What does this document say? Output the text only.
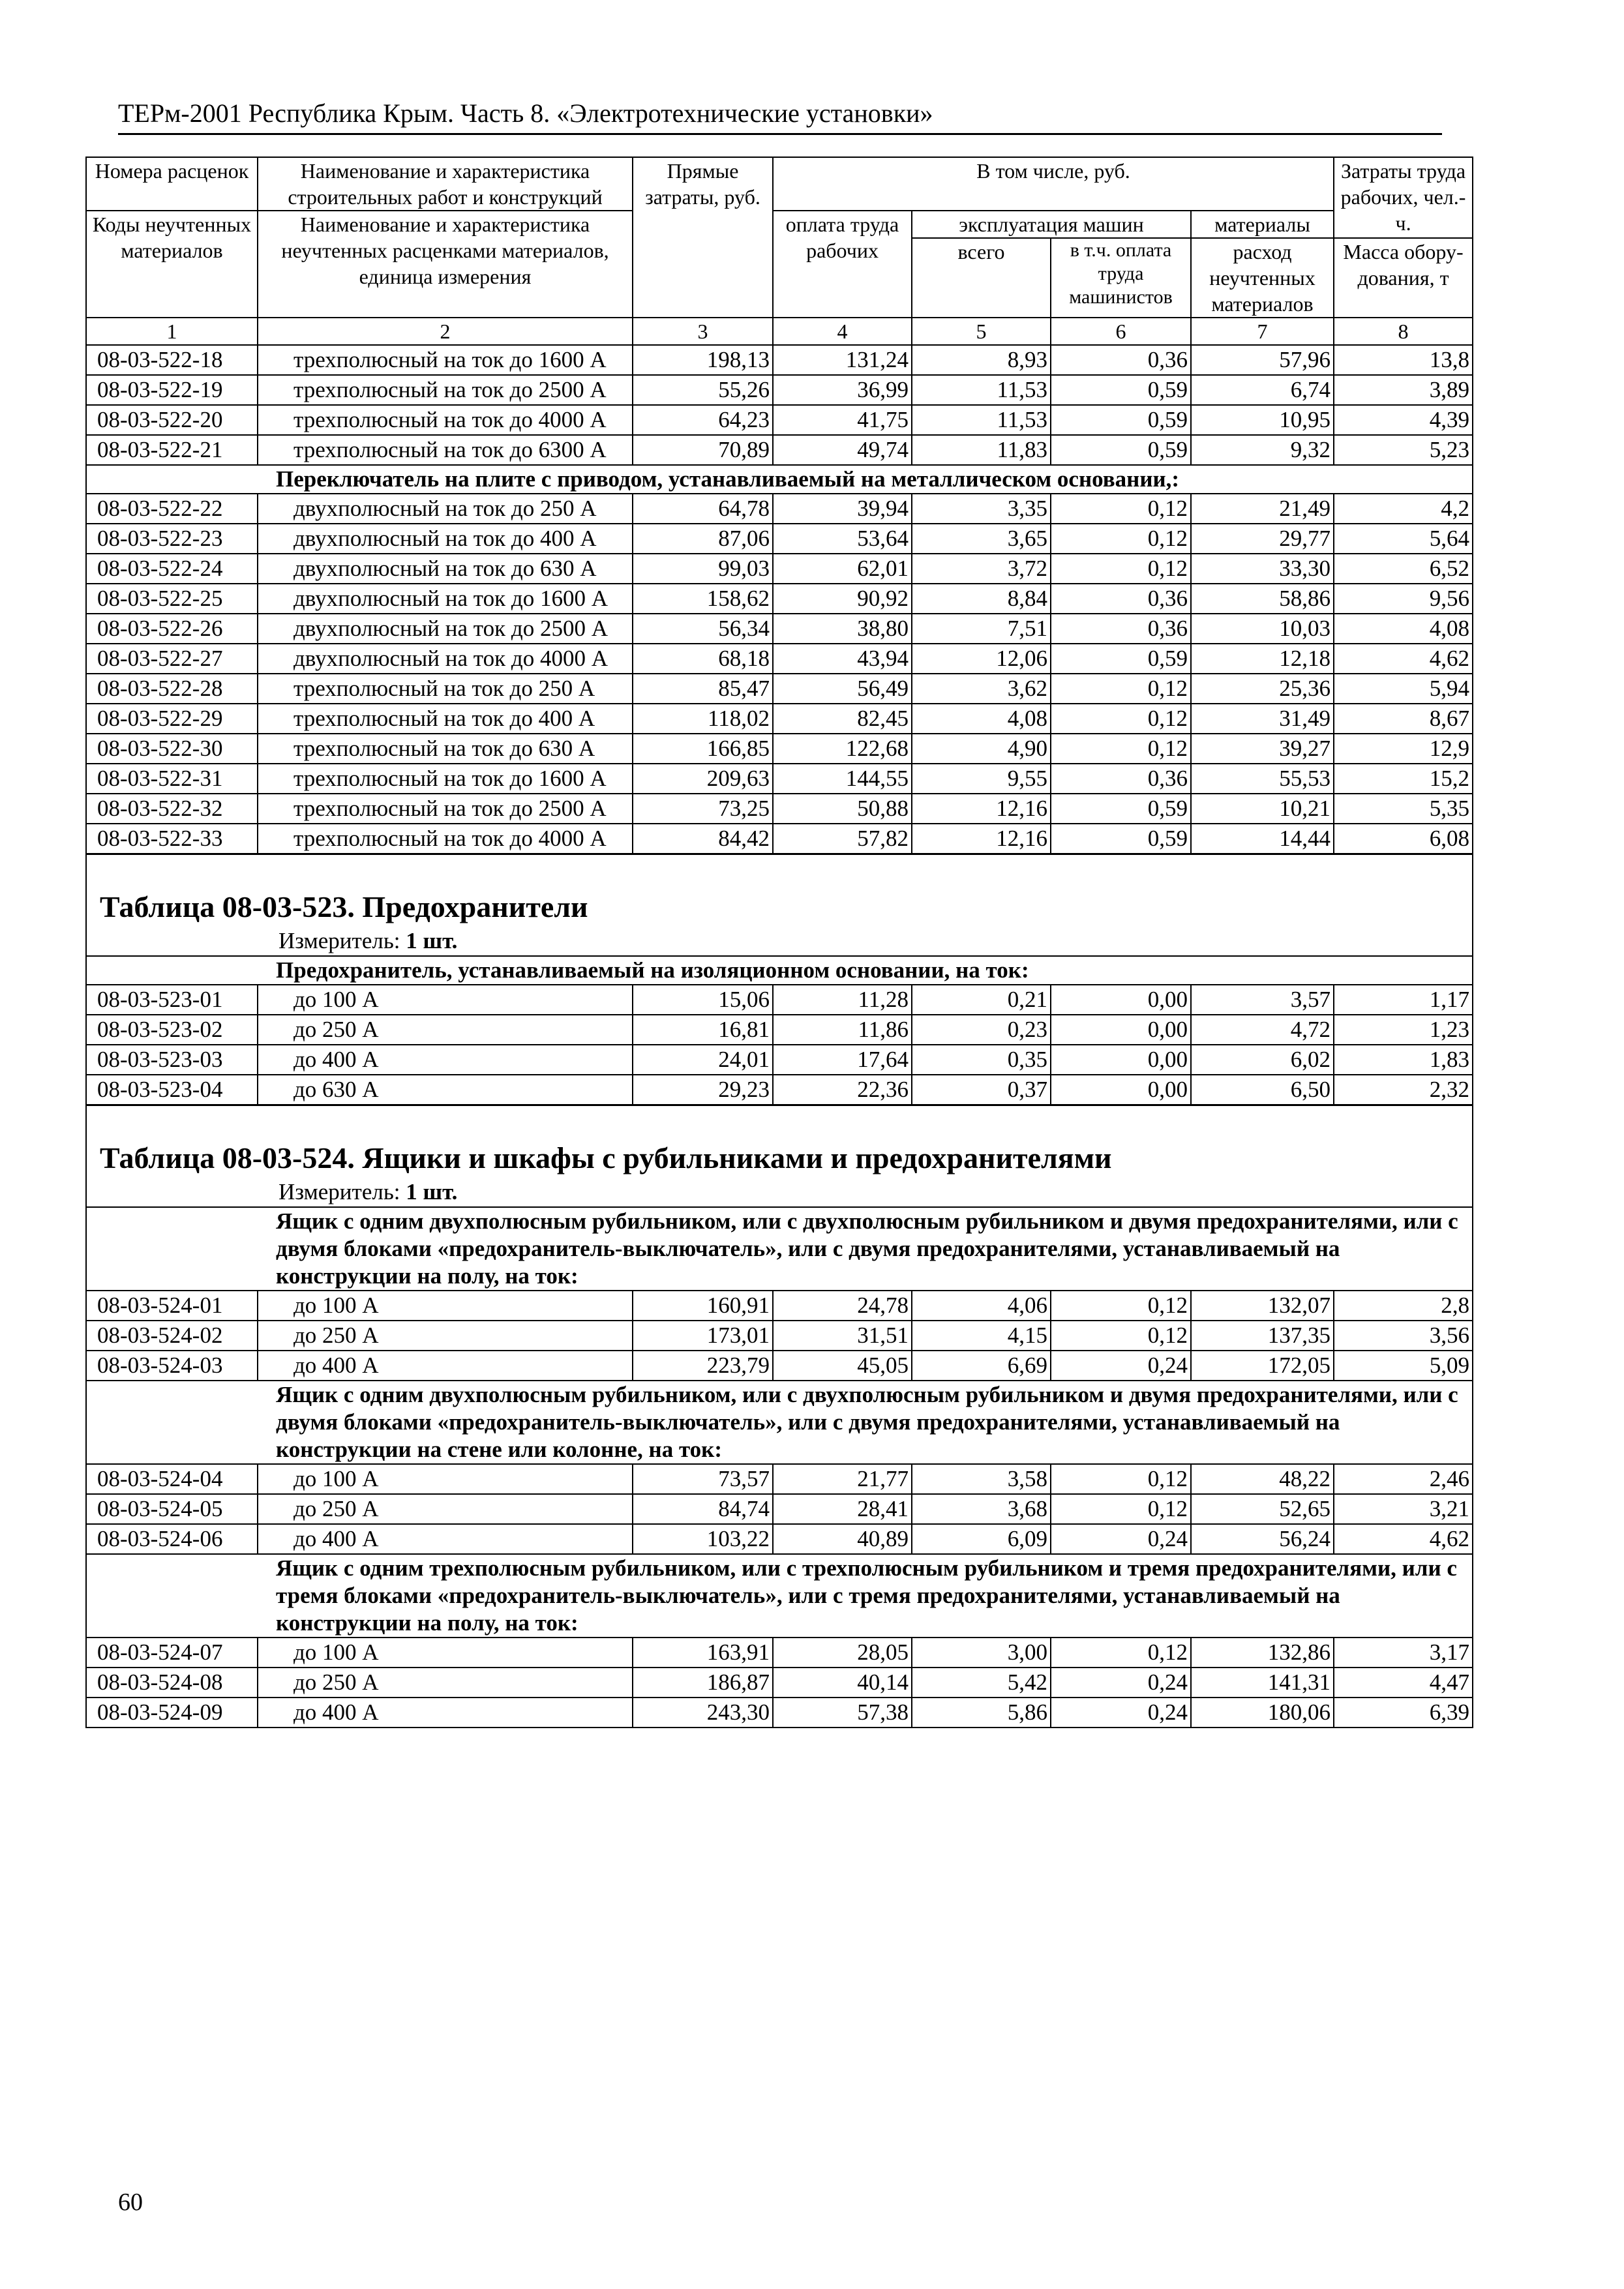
ТЕРм-2001 Республика Крым. Часть 8. «Электротехнические установки»
Номера расценок	Наименование и характеристика строительных работ и конструкций	Прямые затраты, руб.	В том числе, руб.				Затраты труда рабочих, чел.-ч.
Коды неучтенных материалов	Наименование и характеристика неучтенных расценками материалов, единица измерения		оплата труда рабочих	эксплуатация машин		материалы	
				всего	в т.ч. оплата труда машинистов	расход неучтенных материалов	Масса обору-дования, т
1	2	3	4	5	6	7	8
08-03-522-18	трехполюсный на ток до 1600 А	198,13	131,24	8,93	0,36	57,96	13,8
08-03-522-19	трехполюсный на ток до 2500 А	55,26	36,99	11,53	0,59	6,74	3,89
08-03-522-20	трехполюсный на ток до 4000 А	64,23	41,75	11,53	0,59	10,95	4,39
08-03-522-21	трехполюсный на ток до 6300 А	70,89	49,74	11,83	0,59	9,32	5,23
Переключатель на плите с приводом, устанавливаемый на металлическом основании,:							
08-03-522-22	двухполюсный на ток до 250 А	64,78	39,94	3,35	0,12	21,49	4,2
08-03-522-23	двухполюсный на ток до 400 А	87,06	53,64	3,65	0,12	29,77	5,64
08-03-522-24	двухполюсный на ток до 630 А	99,03	62,01	3,72	0,12	33,30	6,52
08-03-522-25	двухполюсный на ток до 1600 А	158,62	90,92	8,84	0,36	58,86	9,56
08-03-522-26	двухполюсный на ток до 2500 А	56,34	38,80	7,51	0,36	10,03	4,08
08-03-522-27	двухполюсный на ток до 4000 А	68,18	43,94	12,06	0,59	12,18	4,62
08-03-522-28	трехполюсный на ток до 250 А	85,47	56,49	3,62	0,12	25,36	5,94
08-03-522-29	трехполюсный на ток до 400 А	118,02	82,45	4,08	0,12	31,49	8,67
08-03-522-30	трехполюсный на ток до 630 А	166,85	122,68	4,90	0,12	39,27	12,9
08-03-522-31	трехполюсный на ток до 1600 А	209,63	144,55	9,55	0,36	55,53	15,2
08-03-522-32	трехполюсный на ток до 2500 А	73,25	50,88	12,16	0,59	10,21	5,35
08-03-522-33	трехполюсный на ток до 4000 А	84,42	57,82	12,16	0,59	14,44	6,08
Таблица 08-03-523. Предохранители							

Измеритель: 1 шт.							

Предохранитель, устанавливаемый на изоляционном основании, на ток:							
08-03-523-01	до 100 А	15,06	11,28	0,21	0,00	3,57	1,17
08-03-523-02	до 250 А	16,81	11,86	0,23	0,00	4,72	1,23
08-03-523-03	до 400 А	24,01	17,64	0,35	0,00	6,02	1,83
08-03-523-04	до 630 А	29,23	22,36	0,37	0,00	6,50	2,32
Таблица 08-03-524. Ящики и шкафы с рубильниками и предохранителями							

Измеритель: 1 шт.							

Ящик с одним двухполюсным рубильником, или с двухполюсным рубильником и двумя предохранителями, или с двумя блоками «предохранитель-выключатель», или с двумя предохранителями, устанавливаемый на конструкции на полу, на ток:							
08-03-524-01	до 100 А	160,91	24,78	4,06	0,12	132,07	2,8
08-03-524-02	до 250 А	173,01	31,51	4,15	0,12	137,35	3,56
08-03-524-03	до 400 А	223,79	45,05	6,69	0,24	172,05	5,09
Ящик с одним двухполюсным рубильником, или с двухполюсным рубильником и двумя предохранителями, или с двумя блоками «предохранитель-выключатель», или с двумя предохранителями, устанавливаемый на конструкции на стене или колонне, на ток:							
08-03-524-04	до 100 А	73,57	21,77	3,58	0,12	48,22	2,46
08-03-524-05	до 250 А	84,74	28,41	3,68	0,12	52,65	3,21
08-03-524-06	до 400 А	103,22	40,89	6,09	0,24	56,24	4,62
Ящик с одним трехполюсным рубильником, или с трехполюсным рубильником и тремя предохранителями, или с тремя блоками «предохранитель-выключатель», или с тремя предохранителями, устанавливаемый на конструкции на полу, на ток:							
08-03-524-07	до 100 А	163,91	28,05	3,00	0,12	132,86	3,17
08-03-524-08	до 250 А	186,87	40,14	5,42	0,24	141,31	4,47
08-03-524-09	до 400 А	243,30	57,38	5,86	0,24	180,06	6,39
60
